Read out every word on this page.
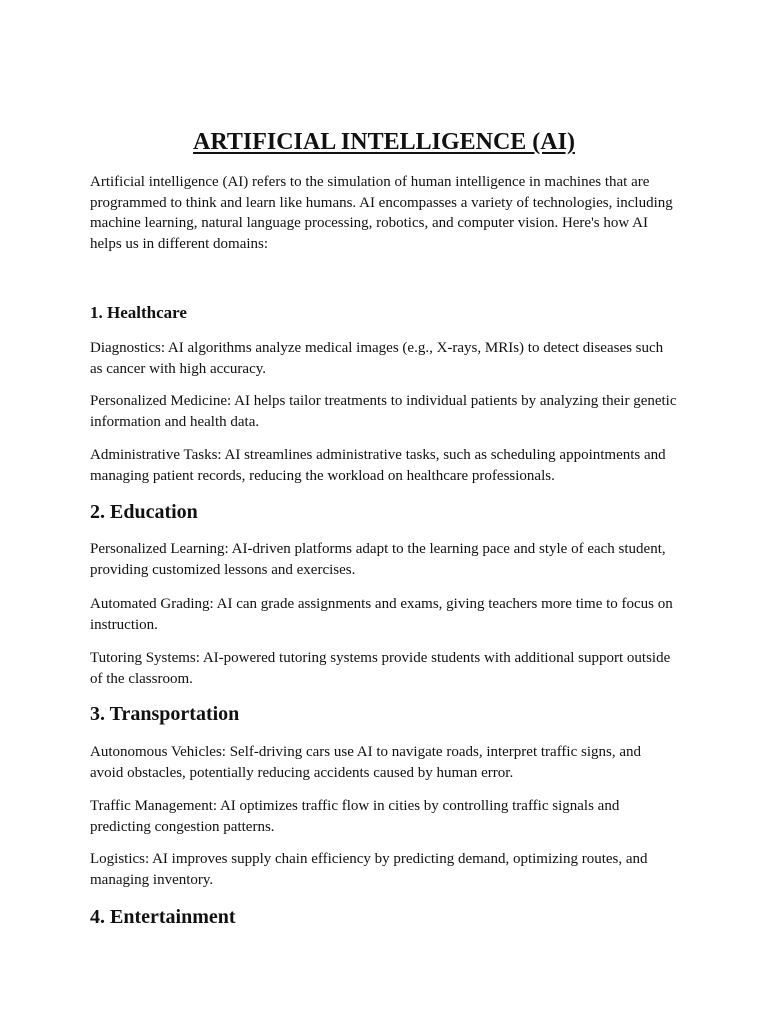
ARTIFICIAL INTELLIGENCE (AI)

Artificial intelligence (AI) refers to the simulation of human intelligence in machines that are programmed to think and learn like humans. AI encompasses a variety of technologies, including machine learning, natural language processing, robotics, and computer vision. Here's how AI helps us in different domains:

1. Healthcare

Diagnostics: AI algorithms analyze medical images (e.g., X-rays, MRIs) to detect diseases such as cancer with high accuracy.

Personalized Medicine: AI helps tailor treatments to individual patients by analyzing their genetic information and health data.

Administrative Tasks: AI streamlines administrative tasks, such as scheduling appointments and managing patient records, reducing the workload on healthcare professionals.

2. Education

Personalized Learning: AI-driven platforms adapt to the learning pace and style of each student, providing customized lessons and exercises.

Automated Grading: AI can grade assignments and exams, giving teachers more time to focus on instruction.

Tutoring Systems: AI-powered tutoring systems provide students with additional support outside of the classroom.

3. Transportation

Autonomous Vehicles: Self-driving cars use AI to navigate roads, interpret traffic signs, and avoid obstacles, potentially reducing accidents caused by human error.

Traffic Management: AI optimizes traffic flow in cities by controlling traffic signals and predicting congestion patterns.

Logistics: AI improves supply chain efficiency by predicting demand, optimizing routes, and managing inventory.

4. Entertainment
